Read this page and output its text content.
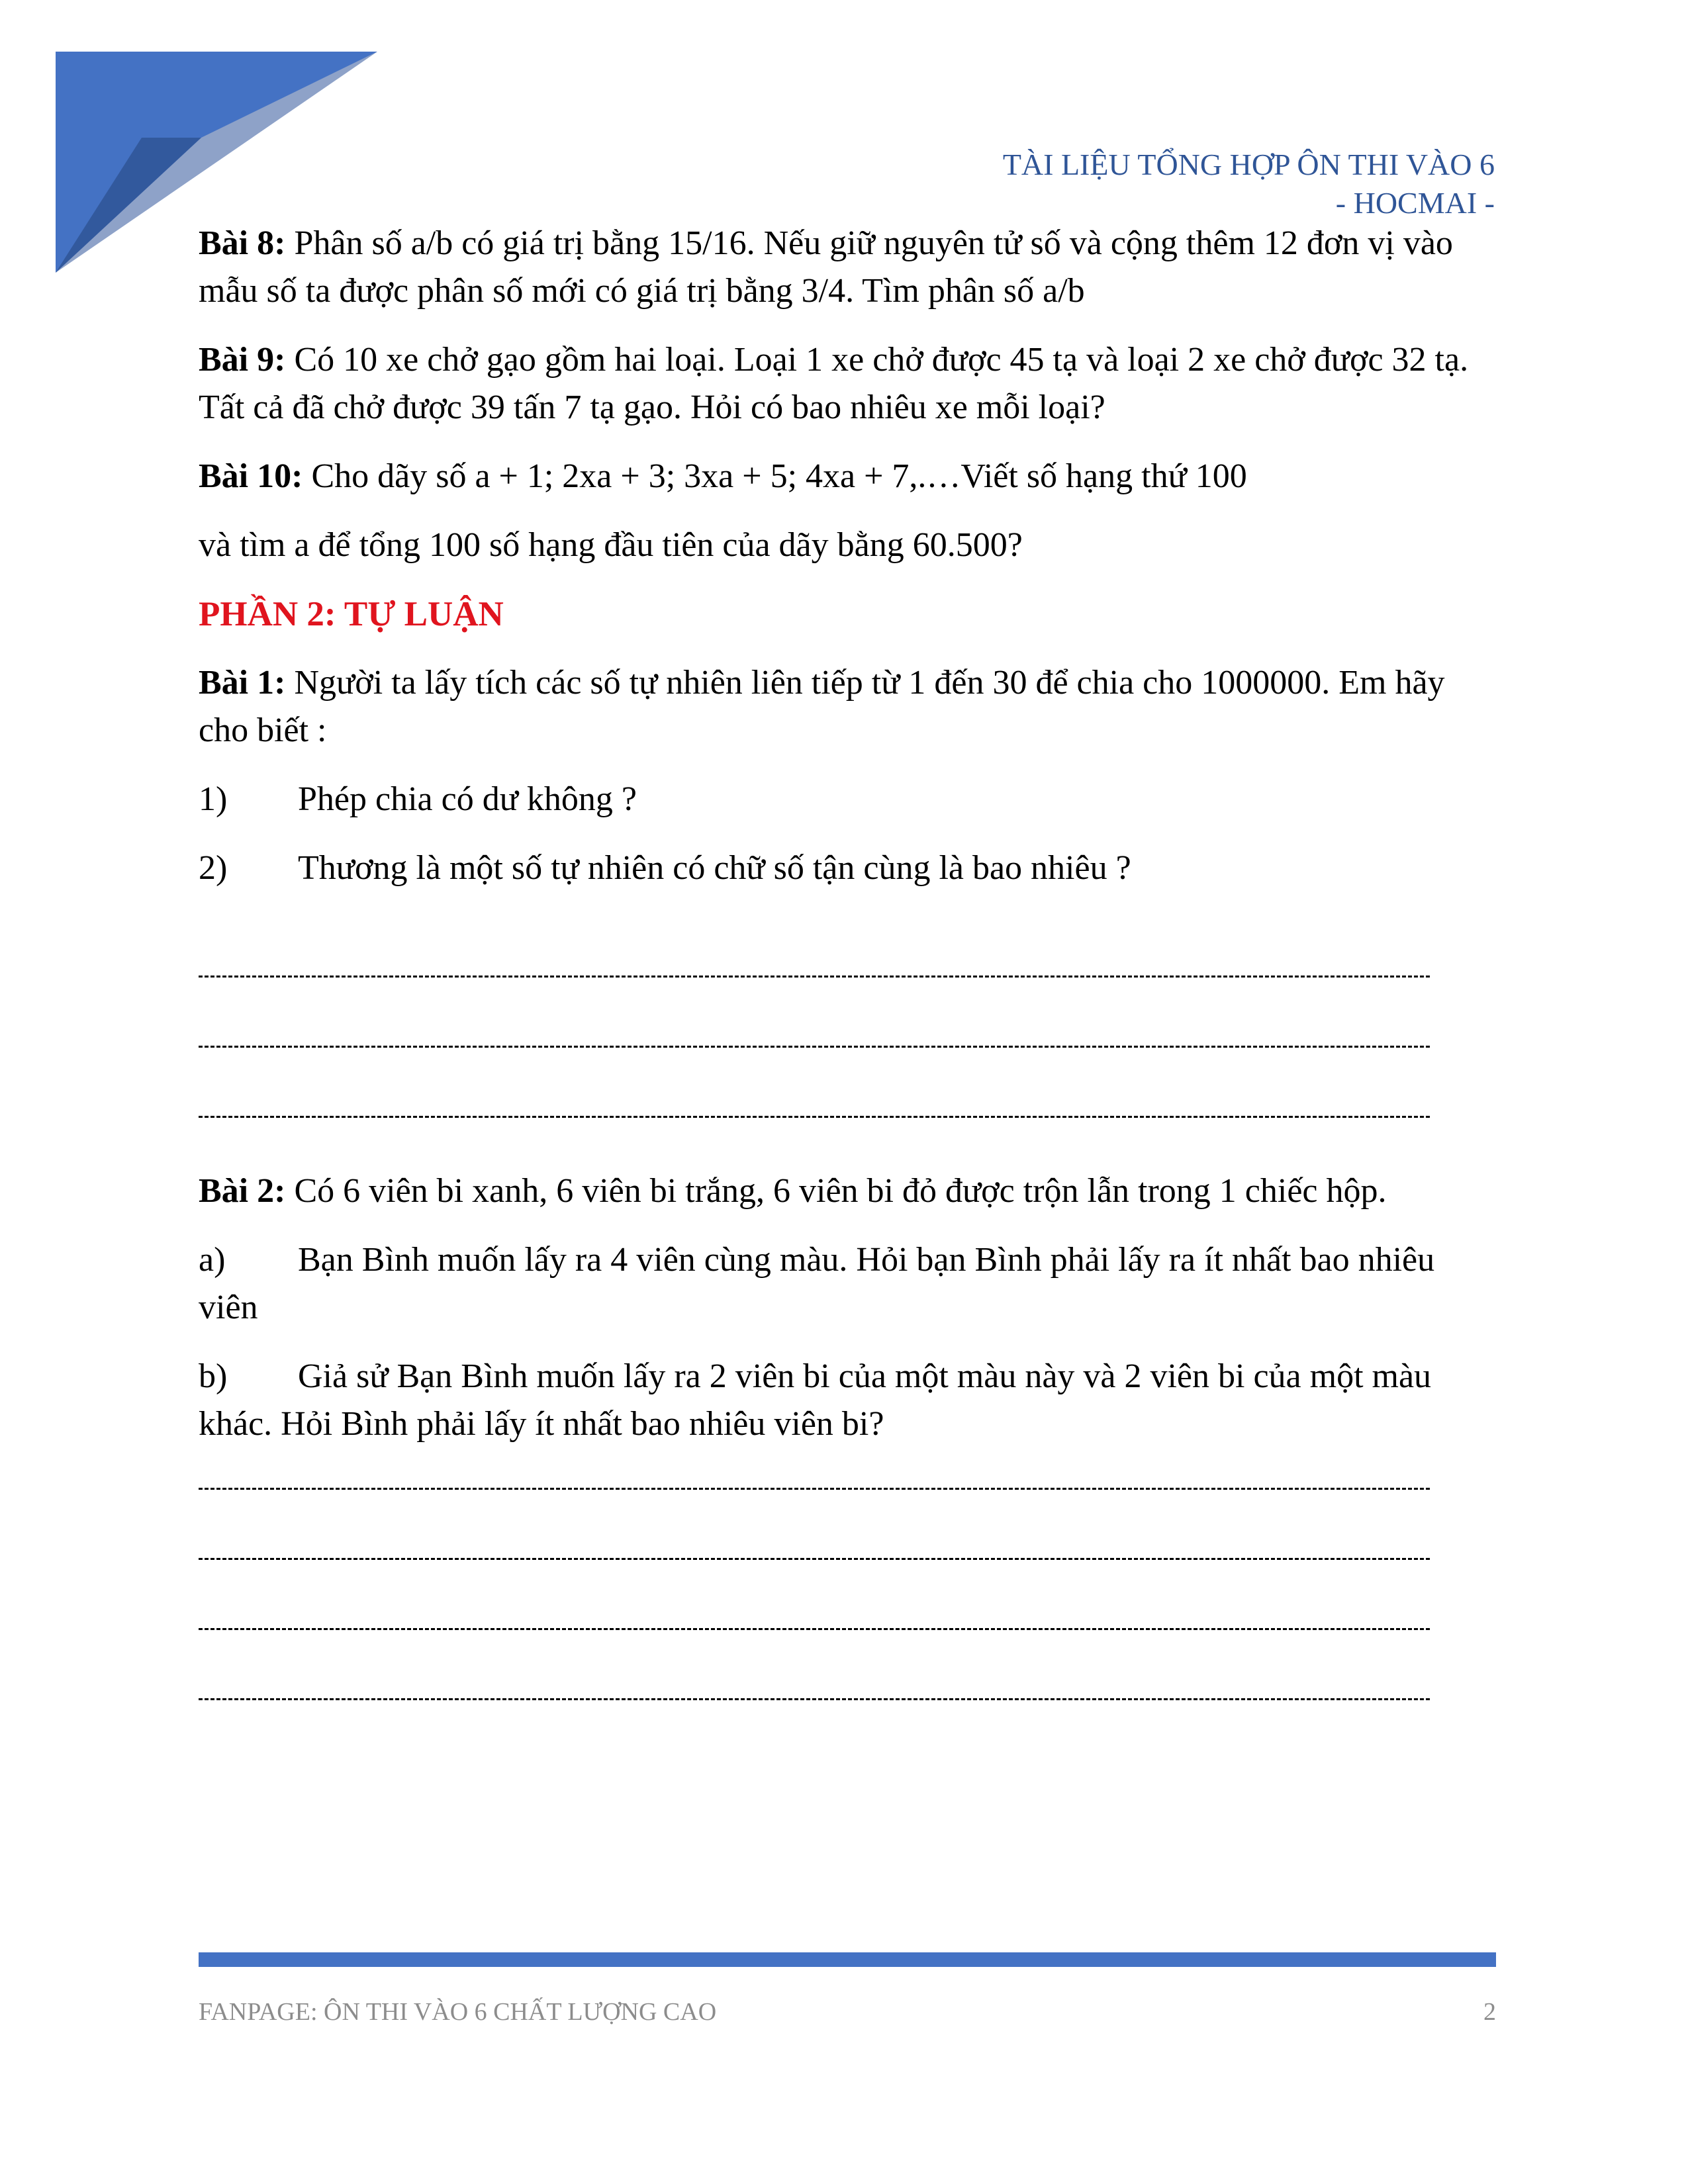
TÀI LIỆU TỔNG HỢP ÔN THI VÀO 6
- HOCMAI -

Bài 8: Phân số a/b có giá trị bằng 15/16. Nếu giữ nguyên tử số và cộng thêm 12 đơn vị vào mẫu số ta được phân số mới có giá trị bằng 3/4. Tìm phân số a/b

Bài 9: Có 10 xe chở gạo gồm hai loại. Loại 1 xe chở được 45 tạ và loại 2 xe chở được 32 tạ. Tất cả đã chở được 39 tấn 7 tạ gạo. Hỏi có bao nhiêu xe mỗi loại?

Bài 10: Cho dãy số a + 1; 2xa + 3; 3xa + 5; 4xa + 7,.…Viết số hạng thứ 100

và tìm a để tổng 100 số hạng đầu tiên của dãy bằng 60.500?

PHẦN 2: TỰ LUẬN

Bài 1: Người ta lấy tích các số tự nhiên liên tiếp từ 1 đến 30 để chia cho 1000000. Em hãy cho biết :

1)	Phép chia có dư không ?
2)	Thương là một số tự nhiên có chữ số tận cùng là bao nhiêu ?

Bài 2: Có 6 viên bi xanh, 6 viên bi trắng, 6 viên bi đỏ được trộn lẫn trong 1 chiếc hộp.

a) Bạn Bình muốn lấy ra 4 viên cùng màu. Hỏi bạn Bình phải lấy ra ít nhất bao nhiêu viên
b) Giả sử Bạn Bình muốn lấy ra 2 viên bi của một màu này và 2 viên bi của một màu khác. Hỏi Bình phải lấy ít nhất bao nhiêu viên bi?
FANPAGE: ÔN THI VÀO 6 CHẤT LƯỢNG CAO	2
